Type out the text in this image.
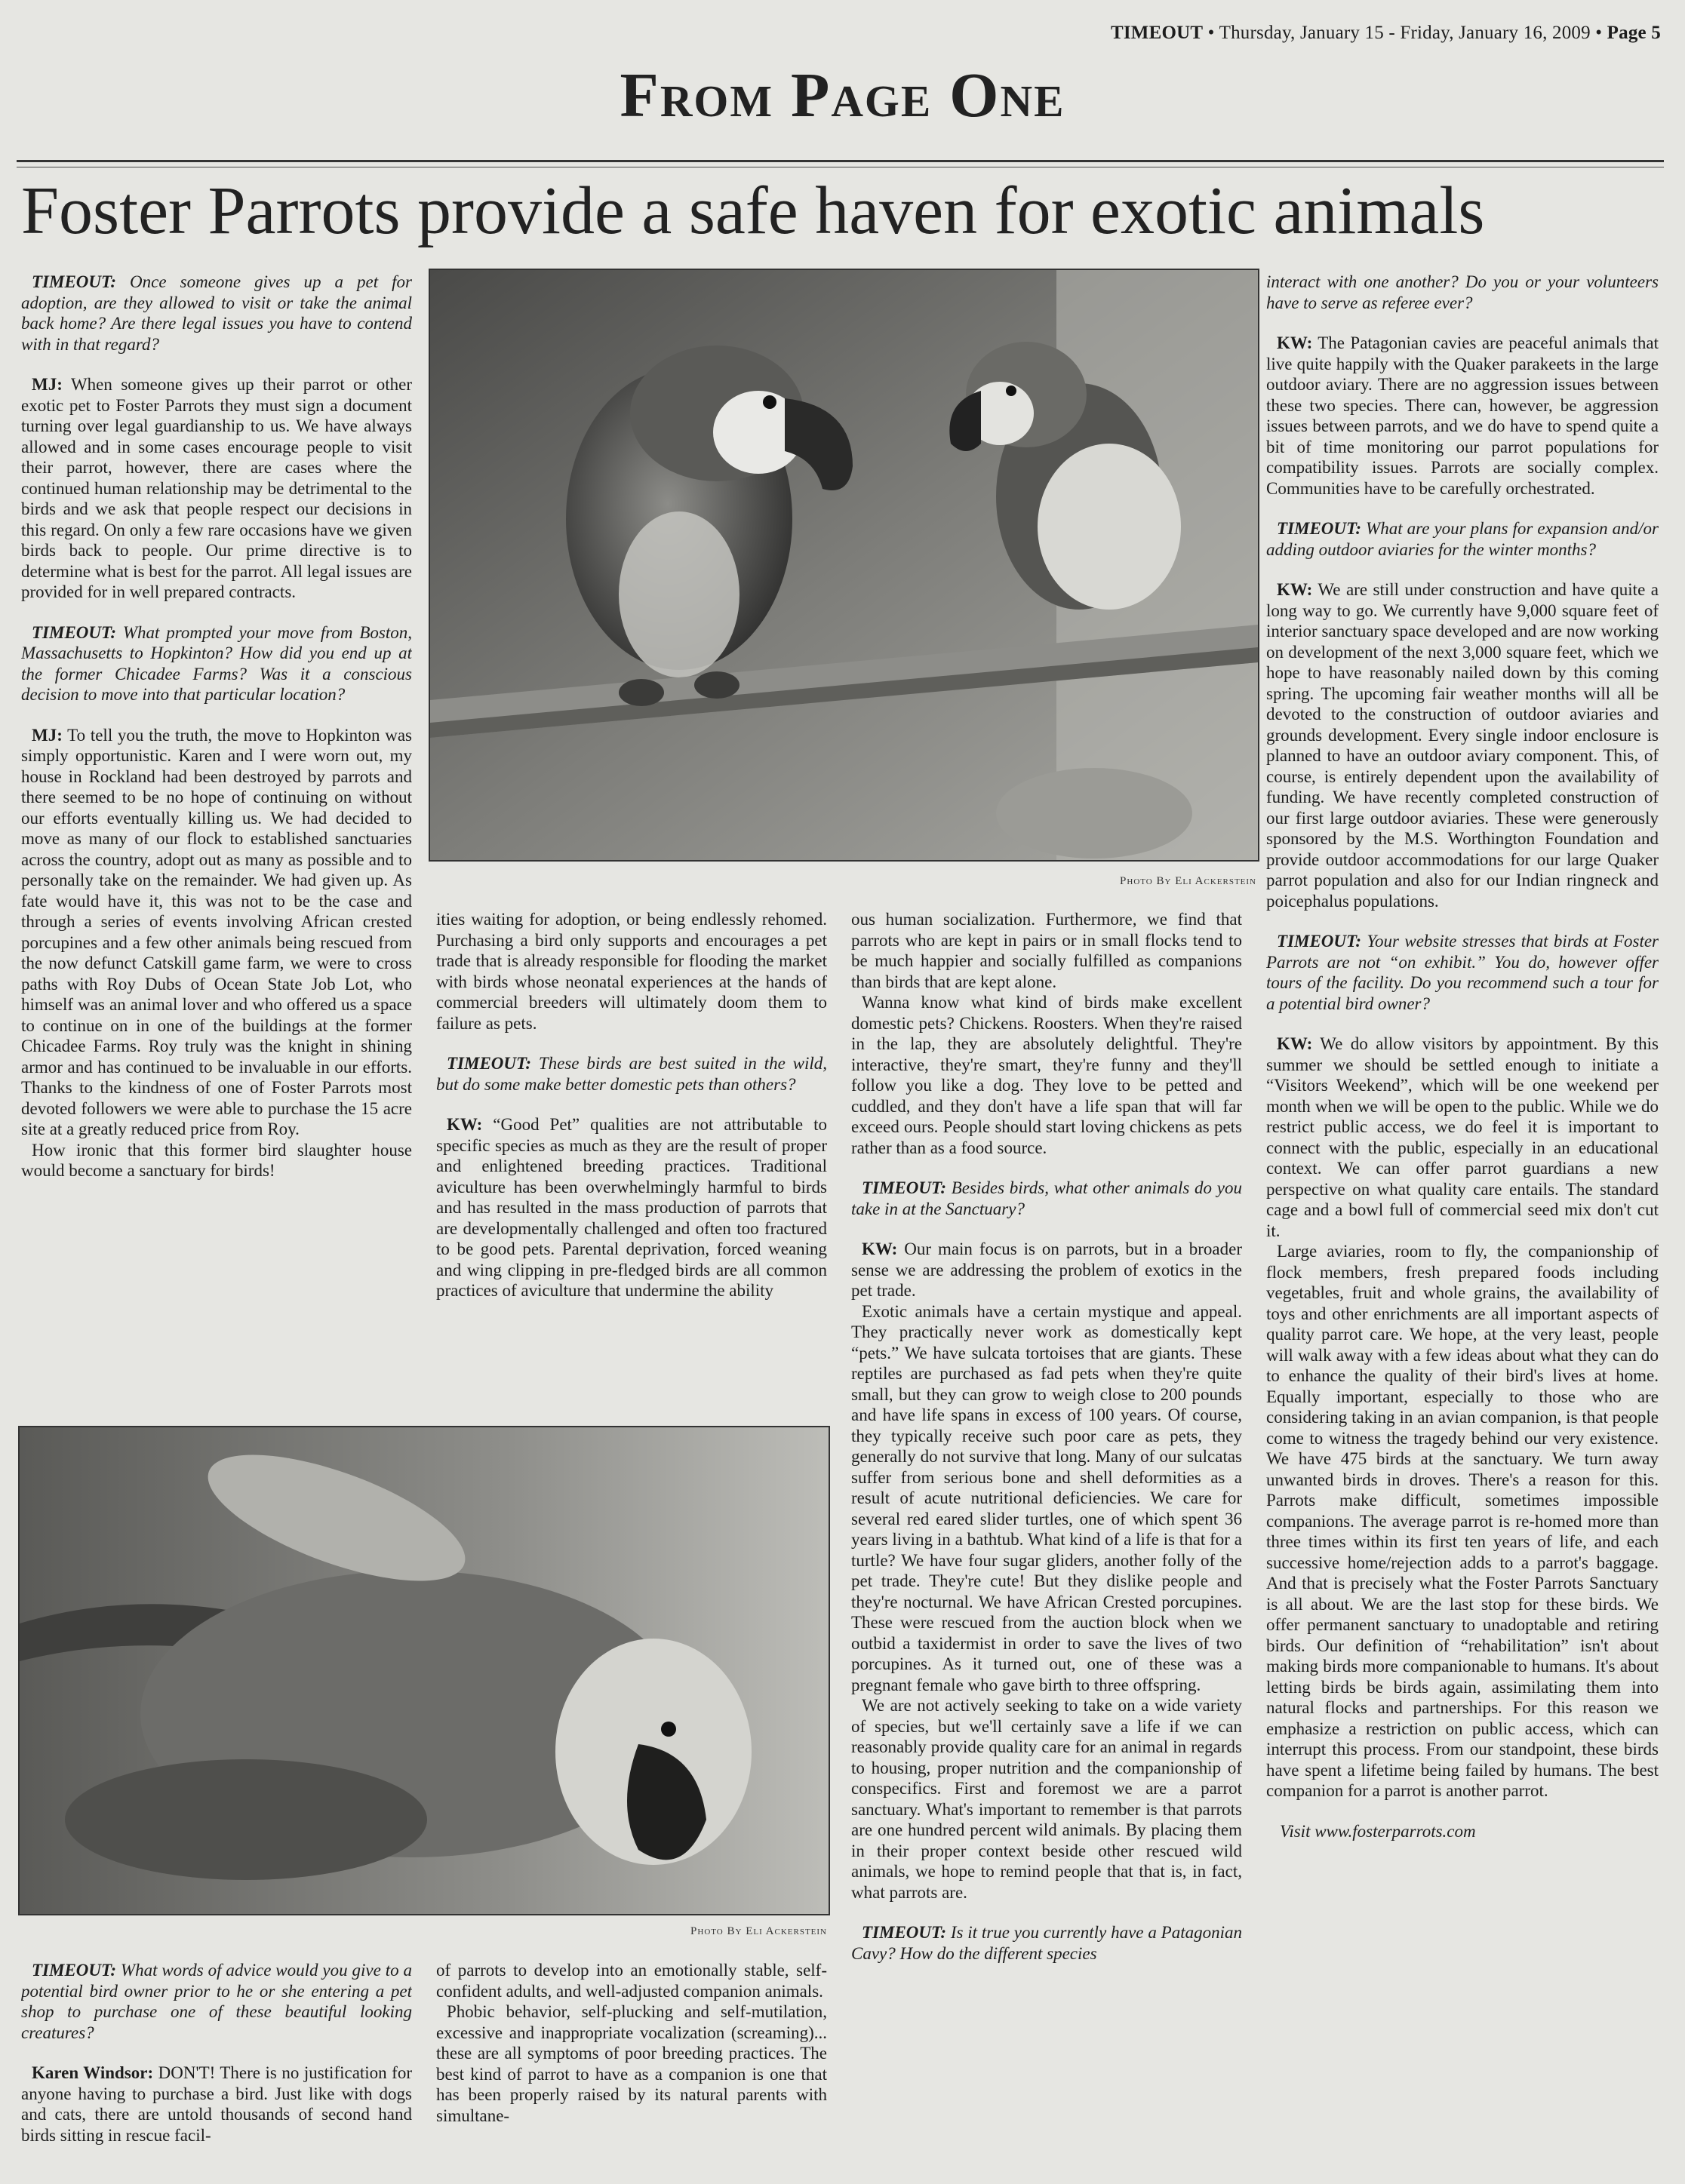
TIMEOUT • Thursday, January 15 - Friday, January 16, 2009 • Page 5
From Page One
Foster Parrots provide a safe haven for exotic animals
Photo By Eli Ackerstein
Photo By Eli Ackerstein

TIMEOUT: Once someone gives up a pet for adoption, are they allowed to visit or take the animal back home? Are there legal issues you have to contend with in that regard?

MJ: When someone gives up their parrot or other exotic pet to Foster Parrots they must sign a document turning over legal guardianship to us. We have always allowed and in some cases encourage people to visit their parrot, however, there are cases where the continued human relationship may be detrimental to the birds and we ask that people respect our decisions in this regard. On only a few rare occasions have we given birds back to people. Our prime directive is to determine what is best for the parrot. All legal issues are provided for in well prepared contracts.

TIMEOUT: What prompted your move from Boston, Massachusetts to Hopkinton? How did you end up at the former Chicadee Farms? Was it a conscious decision to move into that particular location?

MJ: To tell you the truth, the move to Hopkinton was simply opportunistic. Karen and I were worn out, my house in Rockland had been destroyed by parrots and there seemed to be no hope of continuing on without our efforts eventually killing us. We had decided to move as many of our flock to established sanctuaries across the country, adopt out as many as possible and to personally take on the remainder. We had given up. As fate would have it, this was not to be the case and through a series of events involving African crested porcupines and a few other animals being rescued from the now defunct Catskill game farm, we were to cross paths with Roy Dubs of Ocean State Job Lot, who himself was an animal lover and who offered us a space to continue on in one of the buildings at the former Chicadee Farms. Roy truly was the knight in shining armor and has continued to be invaluable in our efforts. Thanks to the kindness of one of Foster Parrots most devoted followers we were able to purchase the 15 acre site at a greatly reduced price from Roy.

How ironic that this former bird slaughter house would become a sanctuary for birds!

TIMEOUT: What words of advice would you give to a potential bird owner prior to he or she entering a pet shop to purchase one of these beautiful looking creatures?

Karen Windsor: DON'T! There is no justification for anyone having to purchase a bird. Just like with dogs and cats, there are untold thousands of second hand birds sitting in rescue facil-

ities waiting for adoption, or being endlessly rehomed. Purchasing a bird only supports and encourages a pet trade that is already responsible for flooding the market with birds whose neonatal experiences at the hands of commercial breeders will ultimately doom them to failure as pets.

TIMEOUT: These birds are best suited in the wild, but do some make better domestic pets than others?

KW: “Good Pet” qualities are not attributable to specific species as much as they are the result of proper and enlightened breeding practices. Traditional aviculture has been overwhelmingly harmful to birds and has resulted in the mass production of parrots that are developmentally challenged and often too fractured to be good pets. Parental deprivation, forced weaning and wing clipping in pre-fledged birds are all common practices of aviculture that undermine the ability

of parrots to develop into an emotionally stable, self-confident adults, and well-adjusted companion animals.

Phobic behavior, self-plucking and self-mutilation, excessive and inappropriate vocalization (screaming)... these are all symptoms of poor breeding practices. The best kind of parrot to have as a companion is one that has been properly raised by its natural parents with simultane-

ous human socialization. Furthermore, we find that parrots who are kept in pairs or in small flocks tend to be much happier and socially fulfilled as companions than birds that are kept alone.

Wanna know what kind of birds make excellent domestic pets? Chickens. Roosters. When they're raised in the lap, they are absolutely delightful. They're interactive, they're smart, they're funny and they'll follow you like a dog. They love to be petted and cuddled, and they don't have a life span that will far exceed ours. People should start loving chickens as pets rather than as a food source.

TIMEOUT: Besides birds, what other animals do you take in at the Sanctuary?

KW: Our main focus is on parrots, but in a broader sense we are addressing the problem of exotics in the pet trade.

Exotic animals have a certain mystique and appeal. They practically never work as domestically kept “pets.” We have sulcata tortoises that are giants. These reptiles are purchased as fad pets when they're quite small, but they can grow to weigh close to 200 pounds and have life spans in excess of 100 years. Of course, they typically receive such poor care as pets, they generally do not survive that long. Many of our sulcatas suffer from serious bone and shell deformities as a result of acute nutritional deficiencies. We care for several red eared slider turtles, one of which spent 36 years living in a bathtub. What kind of a life is that for a turtle? We have four sugar gliders, another folly of the pet trade. They're cute! But they dislike people and they're nocturnal. We have African Crested porcupines. These were rescued from the auction block when we outbid a taxidermist in order to save the lives of two porcupines. As it turned out, one of these was a pregnant female who gave birth to three offspring.

We are not actively seeking to take on a wide variety of species, but we'll certainly save a life if we can reasonably provide quality care for an animal in regards to housing, proper nutrition and the companionship of conspecifics. First and foremost we are a parrot sanctuary. What's important to remember is that parrots are one hundred percent wild animals. By placing them in their proper context beside other rescued wild animals, we hope to remind people that that is, in fact, what parrots are.

TIMEOUT: Is it true you currently have a Patagonian Cavy? How do the different species

interact with one another? Do you or your volunteers have to serve as referee ever?

KW: The Patagonian cavies are peaceful animals that live quite happily with the Quaker parakeets in the large outdoor aviary. There are no aggression issues between these two species. There can, however, be aggression issues between parrots, and we do have to spend quite a bit of time monitoring our parrot populations for compatibility issues. Parrots are socially complex. Communities have to be carefully orchestrated.

TIMEOUT: What are your plans for expansion and/or adding outdoor aviaries for the winter months?

KW: We are still under construction and have quite a long way to go. We currently have 9,000 square feet of interior sanctuary space developed and are now working on development of the next 3,000 square feet, which we hope to have reasonably nailed down by this coming spring. The upcoming fair weather months will all be devoted to the construction of outdoor aviaries and grounds development. Every single indoor enclosure is planned to have an outdoor aviary component. This, of course, is entirely dependent upon the availability of funding. We have recently completed construction of our first large outdoor aviaries. These were generously sponsored by the M.S. Worthington Foundation and provide outdoor accommodations for our large Quaker parrot population and also for our Indian ringneck and poicephalus populations.

TIMEOUT: Your website stresses that birds at Foster Parrots are not “on exhibit.” You do, however offer tours of the facility. Do you recommend such a tour for a potential bird owner?

KW: We do allow visitors by appointment. By this summer we should be settled enough to initiate a “Visitors Weekend”, which will be one weekend per month when we will be open to the public. While we do restrict public access, we do feel it is important to connect with the public, especially in an educational context. We can offer parrot guardians a new perspective on what quality care entails. The standard cage and a bowl full of commercial seed mix don't cut it.

Large aviaries, room to fly, the companionship of flock members, fresh prepared foods including vegetables, fruit and whole grains, the availability of toys and other enrichments are all important aspects of quality parrot care. We hope, at the very least, people will walk away with a few ideas about what they can do to enhance the quality of their bird's lives at home. Equally important, especially to those who are considering taking in an avian companion, is that people come to witness the tragedy behind our very existence. We have 475 birds at the sanctuary. We turn away unwanted birds in droves. There's a reason for this. Parrots make difficult, sometimes impossible companions. The average parrot is re-homed more than three times within its first ten years of life, and each successive home/rejection adds to a parrot's baggage. And that is precisely what the Foster Parrots Sanctuary is all about. We are the last stop for these birds. We offer permanent sanctuary to unadoptable and retiring birds. Our definition of “rehabilitation” isn't about making birds more companionable to humans. It's about letting birds be birds again, assimilating them into natural flocks and partnerships. For this reason we emphasize a restriction on public access, which can interrupt this process. From our standpoint, these birds have spent a lifetime being failed by humans. The best companion for a parrot is another parrot.

Visit www.fosterparrots.com
